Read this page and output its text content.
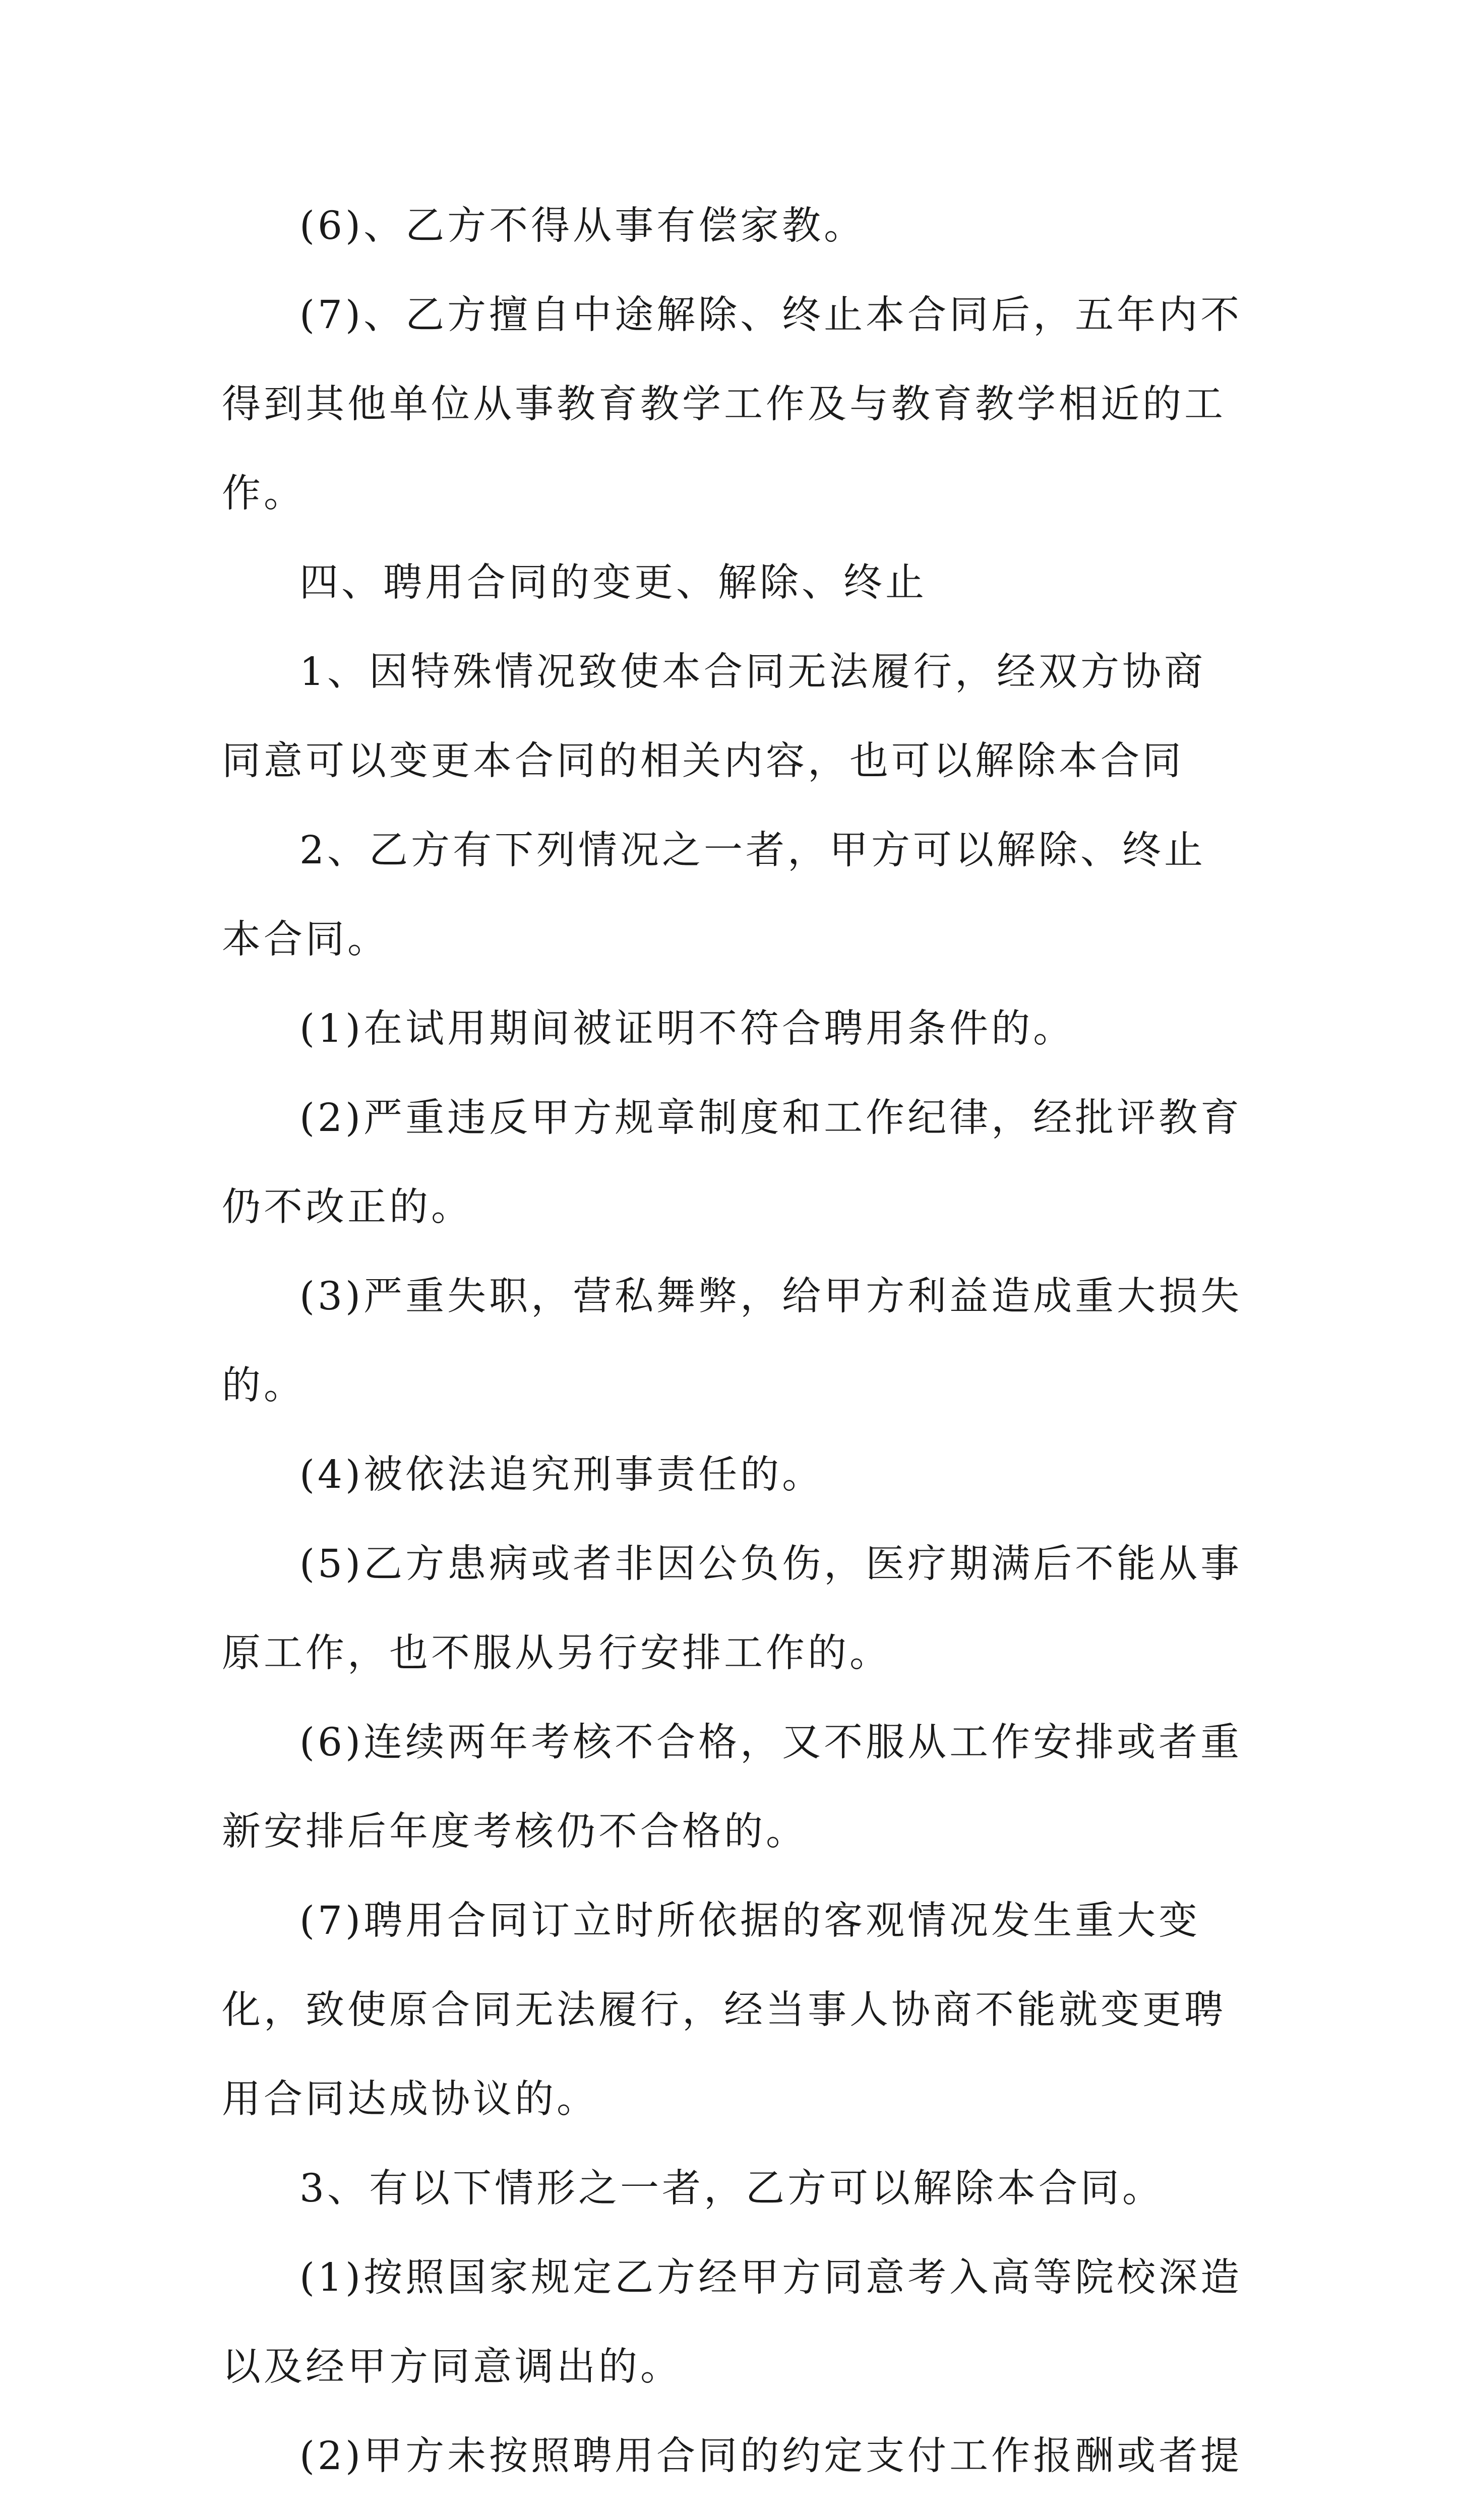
(6)、乙方不得从事有偿家教。

(7)、乙方擅自中途解除、终止本合同后，五年内不得到其他单位从事教育教学工作及与教育教学相近的工作。

四、聘用合同的变更、解除、终止

1、因特殊情况致使本合同无法履行，经双方协商同意可以变更本合同的相关内容，也可以解除本合同

2、乙方有下列情况之一者，甲方可以解除、终止本合同。

(1)在试用期间被证明不符合聘用条件的。

(2)严重违反甲方规章制度和工作纪律，经批评教育仍不改正的。

(3)严重失职，营私舞弊，给甲方利益造成重大损失的。

(4)被依法追究刑事责任的。

(5)乙方患病或者非因公负伤，医疗期满后不能从事原工作，也不服从另行安排工作的。

(6)连续两年考核不合格，又不服从工作安排或者重新安排后年度考核仍不合格的。

(7)聘用合同订立时所依据的客观情况发生重大变化，致使原合同无法履行，经当事人协商不能就变更聘用合同达成协议的。

3、有以下情形之一者，乙方可以解除本合同。

(1)按照国家规定乙方经甲方同意考入高等院校深造以及经甲方同意调出的。

(2)甲方未按照聘用合同的约定支付工作报酬或者提
